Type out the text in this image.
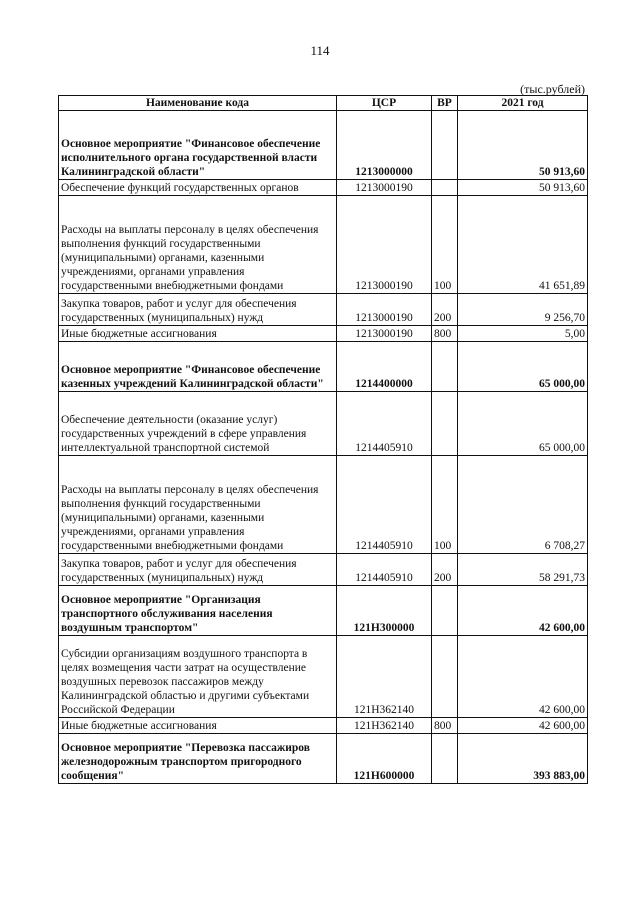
114
(тыс.рублей)
Наименование кода	ЦСР	ВР	2021 год
Основное мероприятие "Финансовое обеспечение исполнительного органа государственной власти Калининградской области"	1213000000		50 913,60
Обеспечение функций государственных органов	1213000190		50 913,60
Расходы на выплаты персоналу в целях обеспечения выполнения функций государственными (муниципальными) органами, казенными учреждениями, органами управления государственными внебюджетными фондами	1213000190	100	41 651,89
Закупка товаров, работ и услуг для обеспечения государственных (муниципальных) нужд	1213000190	200	9 256,70
Иные бюджетные ассигнования	1213000190	800	5,00
Основное мероприятие "Финансовое обеспечение казенных учреждений Калининградской области"	1214400000		65 000,00
Обеспечение деятельности (оказание услуг) государственных учреждений в сфере управления интеллектуальной транспортной системой	1214405910		65 000,00
Расходы на выплаты персоналу в целях обеспечения выполнения функций государственными (муниципальными) органами, казенными учреждениями, органами управления государственными внебюджетными фондами	1214405910	100	6 708,27
Закупка товаров, работ и услуг для обеспечения государственных (муниципальных) нужд	1214405910	200	58 291,73
Основное мероприятие "Организация транспортного обслуживания населения воздушным транспортом"	121Н300000		42 600,00
Субсидии организациям воздушного транспорта в целях возмещения части затрат на осуществление воздушных перевозок пассажиров между Калининградской областью и другими субъектами Российской Федерации	121Н362140		42 600,00
Иные бюджетные ассигнования	121Н362140	800	42 600,00
Основное мероприятие "Перевозка пассажиров железнодорожным транспортом пригородного сообщения"	121Н600000		393 883,00
